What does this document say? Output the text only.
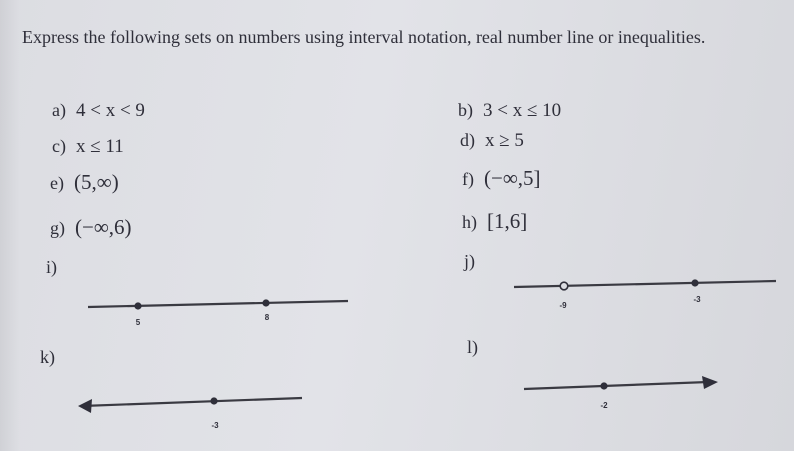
Express the following sets on numbers using interval notation, real number line or inequalities.

a) 4 < x < 9	b) 3 < x ≤ 10
c) x ≤ 11	d) x ≥ 5
e) (5,∞)	f) (−∞,5]
g) (−∞,6)	h) [1,6]
i)	j)
k)	l)
5
8
-9
-3
-3
-2
